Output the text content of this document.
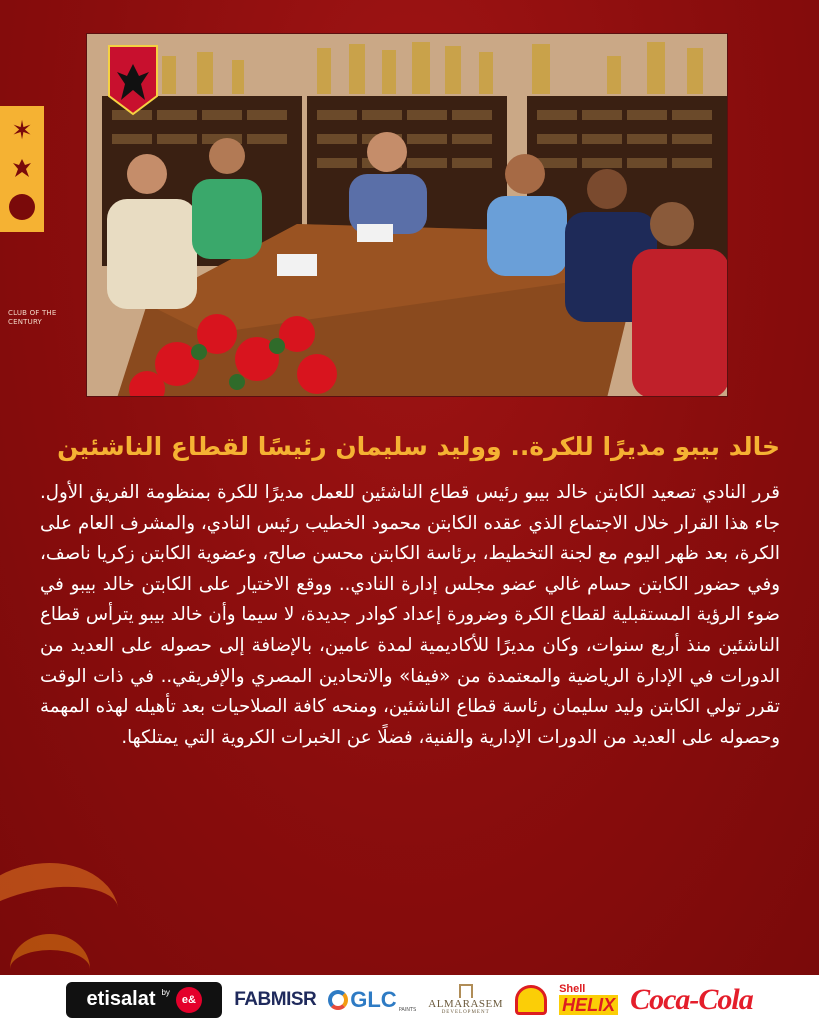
✶
CLUB OF THE CENTURY
خالد بيبو مديرًا للكرة.. ووليد سليمان رئيسًا لقطاع الناشئين
قرر النادي تصعيد الكابتن خالد بيبو رئيس قطاع الناشئين للعمل مديرًا للكرة بمنظومة الفريق الأول. جاء هذا القرار خلال الاجتماع الذي عقده الكابتن محمود الخطيب رئيس النادي، والمشرف العام على الكرة، بعد ظهر اليوم مع لجنة التخطيط، برئاسة الكابتن محسن صالح، وعضوية الكابتن زكريا ناصف، وفي حضور الكابتن حسام غالي عضو مجلس إدارة النادي.. ووقع الاختيار على الكابتن خالد بيبو في ضوء الرؤية المستقبلية لقطاع الكرة وضرورة إعداد كوادر جديدة، لا سيما وأن خالد بيبو يترأس قطاع الناشئين منذ أربع سنوات، وكان مديرًا للأكاديمية لمدة عامين، بالإضافة إلى حصوله على العديد من الدورات في الإدارة الرياضية والمعتمدة من «فيفا» والاتحادين المصري والإفريقي.. في ذات الوقت تقرر تولي الكابتن وليد سليمان رئاسة قطاع الناشئين، ومنحه كافة الصلاحيات بعد تأهيله لهذه المهمة وحصوله على العديد من الدورات الإدارية والفنية، فضلًا عن الخبرات الكروية التي يمتلكها.
etisalat by
e&	FABMISR GLC PAINTS ALMARASEM
DEVELOPMENT
Shell
HELIX Coca-Cola
